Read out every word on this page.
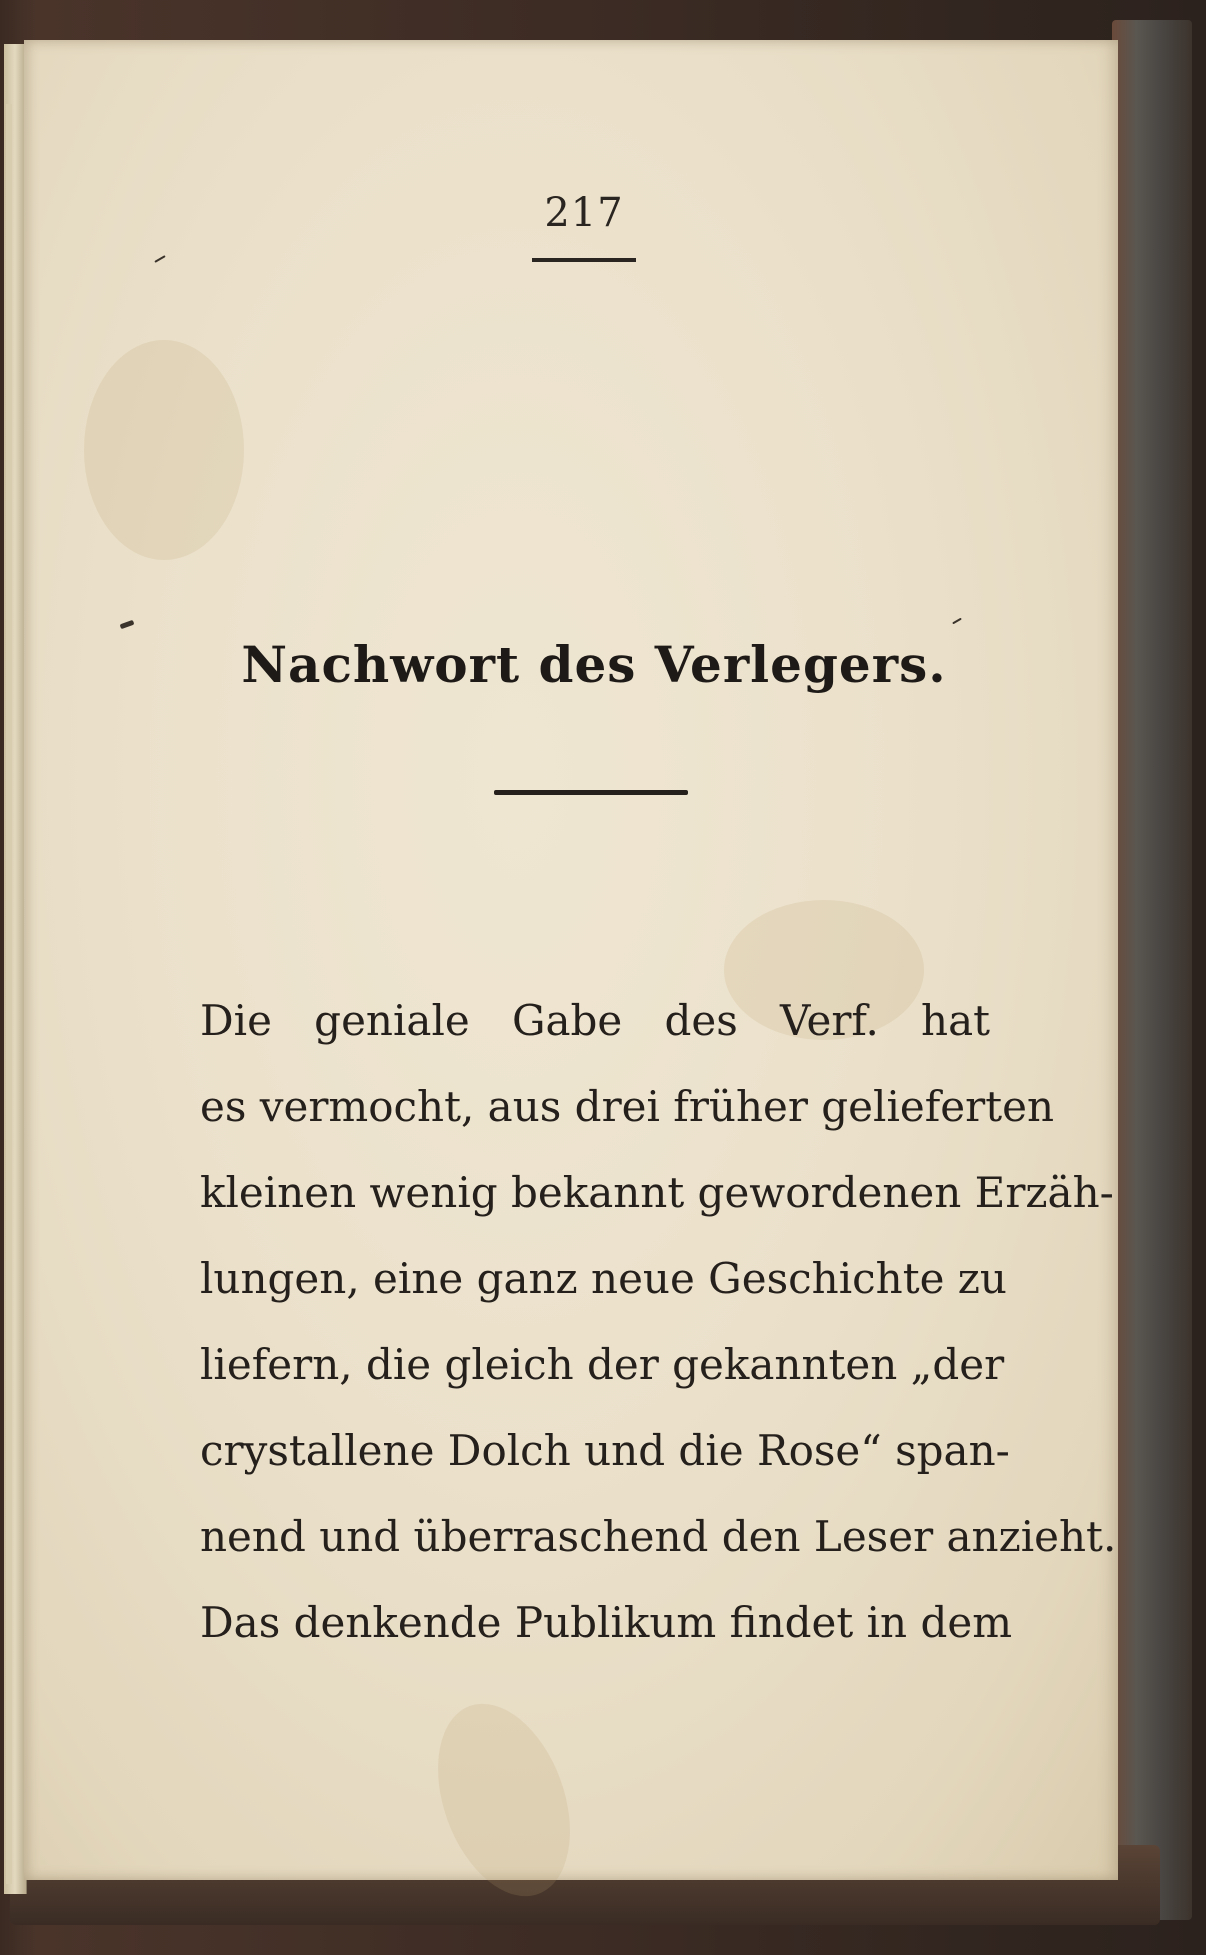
217
Nachwort des Verlegers.
Die geniale Gabe des Verf. hat
es vermocht, aus drei früher gelieferten
kleinen wenig bekannt gewordenen Erzäh-
lungen, eine ganz neue Geschichte zu
liefern, die gleich der gekannten „der
crystallene Dolch und die Rose“ span-
nend und überraschend den Leser anzieht.
Das denkende Publikum findet in dem
